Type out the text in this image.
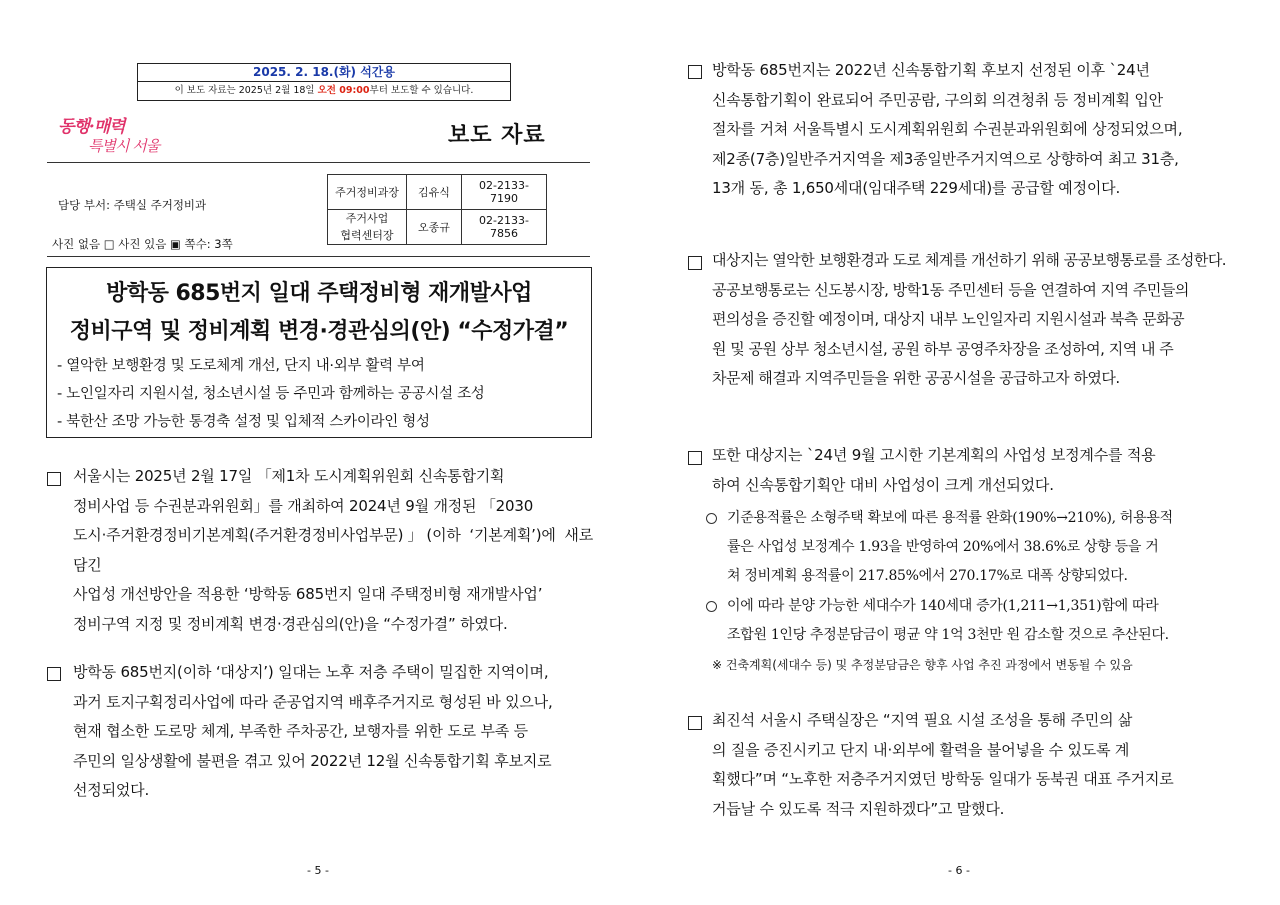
2025. 2. 18.(화) 석간용
이 보도 자료는 2025년 2월 18일 오전 09:00부터 보도할 수 있습니다.
동행·매력
특별시 서울	보도 자료
담당 부서: 주택실 주거정비과
사진 없음 □ 사진 있음 ▣ 쪽수: 3쪽
주거정비과장	김유식	02-2133-7190
주거사업
협력센터장	오종규	02-2133-7856
방학동 685번지 일대 주택정비형 재개발사업
정비구역 및 정비계획 변경·경관심의(안) “수정가결”
- 열악한 보행환경 및 도로체계 개선, 단지 내·외부 활력 부여
- 노인일자리 지원시설, 청소년시설 등 주민과 함께하는 공공시설 조성
- 북한산 조망 가능한 통경축 설정 및 입체적 스카이라인 형성
서울시는 2025년 2월 17일 「제1차 도시계획위원회 신속통합기획
정비사업 등 수권분과위원회」를 개최하여 2024년 9월 개정된 「2030
도시·주거환경정비기본계획(주거환경정비사업부문)」(이하 ‘기본계획’)에 새로 담긴
사업성 개선방안을 적용한 ‘방학동 685번지 일대 주택정비형 재개발사업’
정비구역 지정 및 정비계획 변경·경관심의(안)을 “수정가결” 하였다.
방학동 685번지(이하 ‘대상지’) 일대는 노후 저층 주택이 밀집한 지역이며,
과거 토지구획정리사업에 따라 준공업지역 배후주거지로 형성된 바 있으나,
현재 협소한 도로망 체계, 부족한 주차공간, 보행자를 위한 도로 부족 등
주민의 일상생활에 불편을 겪고 있어 2022년 12월 신속통합기획 후보지로
선정되었다.
- 5 -
방학동 685번지는 2022년 신속통합기획 후보지 선정된 이후 `24년
신속통합기획이 완료되어 주민공람, 구의회 의견청취 등 정비계획 입안
절차를 거쳐 서울특별시 도시계획위원회 수권분과위원회에 상정되었으며,
제2종(7층)일반주거지역을 제3종일반주거지역으로 상향하여 최고 31층,
13개 동, 총 1,650세대(임대주택 229세대)를 공급할 예정이다.
대상지는 열악한 보행환경과 도로 체계를 개선하기 위해 공공보행통로를 조성한다.
공공보행통로는 신도봉시장, 방학1동 주민센터 등을 연결하여 지역 주민들의
편의성을 증진할 예정이며, 대상지 내부 노인일자리 지원시설과 북측 문화공
원 및 공원 상부 청소년시설, 공원 하부 공영주차장을 조성하여, 지역 내 주
차문제 해결과 지역주민들을 위한 공공시설을 공급하고자 하였다.
또한 대상지는 `24년 9월 고시한 기본계획의 사업성 보정계수를 적용
하여 신속통합기획안 대비 사업성이 크게 개선되었다.
기준용적률은 소형주택 확보에 따른 용적률 완화(190%→210%), 허용용적
률은 사업성 보정계수 1.93을 반영하여 20%에서 38.6%로 상향 등을 거
쳐 정비계획 용적률이 217.85%에서 270.17%로 대폭 상향되었다.
이에 따라 분양 가능한 세대수가 140세대 증가(1,211→1,351)함에 따라
조합원 1인당 추정분담금이 평균 약 1억 3천만 원 감소할 것으로 추산된다.
※ 건축계획(세대수 등) 및 추정분담금은 향후 사업 추진 과정에서 변동될 수 있음
최진석 서울시 주택실장은 “지역 필요 시설 조성을 통해 주민의 삶
의 질을 증진시키고 단지 내·외부에 활력을 불어넣을 수 있도록 계
획했다”며 “노후한 저층주거지였던 방학동 일대가 동북권 대표 주거지로
거듭날 수 있도록 적극 지원하겠다”고 말했다.
- 6 -
